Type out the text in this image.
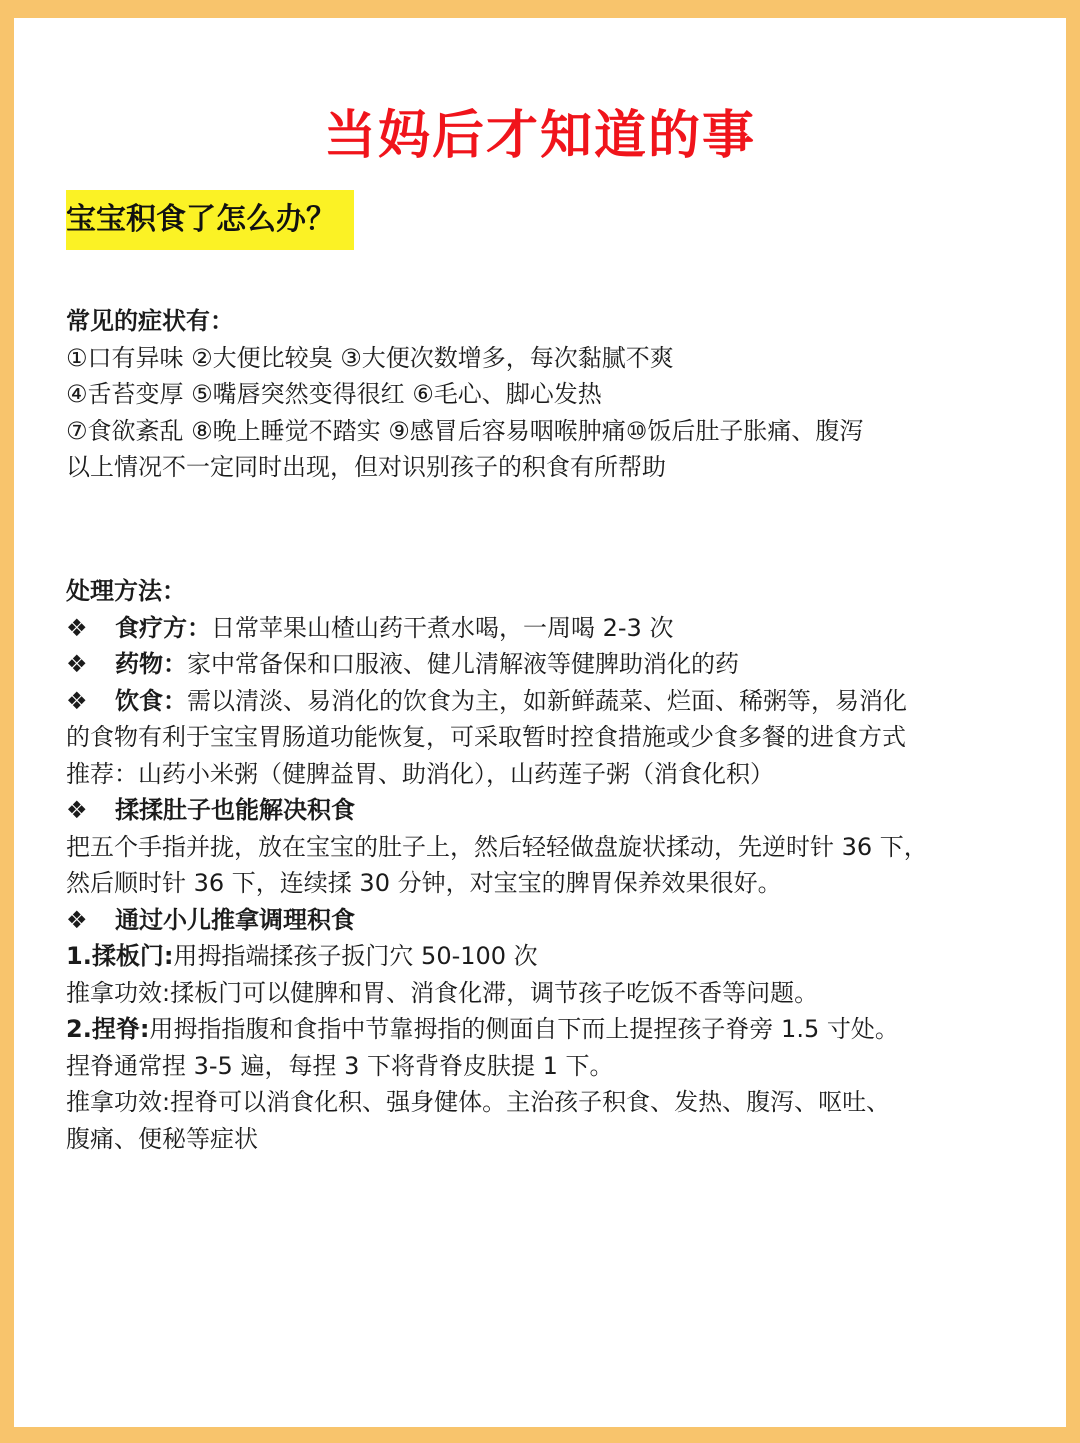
当妈后才知道的事
宝宝积食了怎么办？
常见的症状有：
①口有异味 ②大便比较臭 ③大便次数增多，每次黏腻不爽
④舌苔变厚 ⑤嘴唇突然变得很红 ⑥毛心、脚心发热
⑦食欲紊乱 ⑧晚上睡觉不踏实 ⑨感冒后容易咽喉肿痛⑩饭后肚子胀痛、腹泻
以上情况不一定同时出现，但对识别孩子的积食有所帮助
处理方法：
❖ 食疗方：日常苹果山楂山药干煮水喝，一周喝 2-3 次
❖ 药物：家中常备保和口服液、健儿清解液等健脾助消化的药
❖ 饮食：需以清淡、易消化的饮食为主，如新鲜蔬菜、烂面、稀粥等，易消化
的食物有利于宝宝胃肠道功能恢复，可采取暂时控食措施或少食多餐的进食方式
推荐：山药小米粥（健脾益胃、助消化），山药莲子粥（消食化积）
❖ 揉揉肚子也能解决积食
把五个手指并拢，放在宝宝的肚子上，然后轻轻做盘旋状揉动，先逆时针 36 下，
然后顺时针 36 下，连续揉 30 分钟，对宝宝的脾胃保养效果很好。
❖ 通过小儿推拿调理积食
1.揉板门:用拇指端揉孩子扳门穴 50-100 次
推拿功效:揉板门可以健脾和胃、消食化滞，调节孩子吃饭不香等问题。
2.捏脊:用拇指指腹和食指中节靠拇指的侧面自下而上提捏孩子脊旁 1.5 寸处。
捏脊通常捏 3-5 遍，每捏 3 下将背脊皮肤提 1 下。
推拿功效:捏脊可以消食化积、强身健体。主治孩子积食、发热、腹泻、呕吐、
腹痛、便秘等症状
